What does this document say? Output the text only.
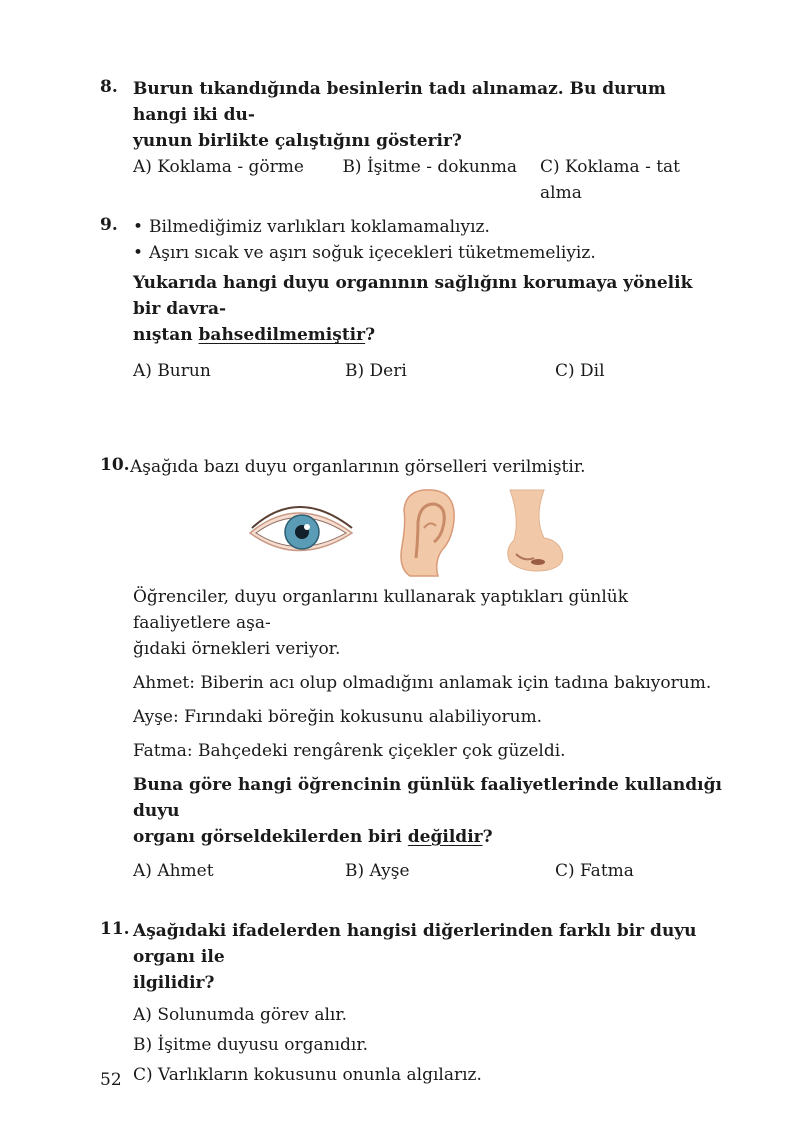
8. Burun tıkandığında besinlerin tadı alınamaz. Bu durum hangi iki du-
yunun birlikte çalıştığını gösterir?
A) Koklama - görme	B) İşitme - dokunma	C) Koklama - tat alma
9. • Bilmediğimiz varlıkları koklamamalıyız.
• Aşırı sıcak ve aşırı soğuk içecekleri tüketmemeliyiz.
Yukarıda hangi duyu organının sağlığını korumaya yönelik bir davra-
nıştan bahsedilmemiştir?
A) Burun	B) Deri	C) Dil
10. Aşağıda bazı duyu organlarının görselleri verilmiştir.
Öğrenciler, duyu organlarını kullanarak yaptıkları günlük faaliyetlere aşa-
ğıdaki örnekleri veriyor.
Ahmet: Biberin acı olup olmadığını anlamak için tadına bakıyorum.
Ayşe: Fırındaki böreğin kokusunu alabiliyorum.
Fatma: Bahçedeki rengârenk çiçekler çok güzeldi.
Buna göre hangi öğrencinin günlük faaliyetlerinde kullandığı duyu
organı görseldekilerden biri değildir?
A) Ahmet	B) Ayşe	C) Fatma
11. Aşağıdaki ifadelerden hangisi diğerlerinden farklı bir duyu organı ile
ilgilidir?
A) Solunumda görev alır.
B) İşitme duyusu organıdır.
C) Varlıkların kokusunu onunla algılarız.
52
